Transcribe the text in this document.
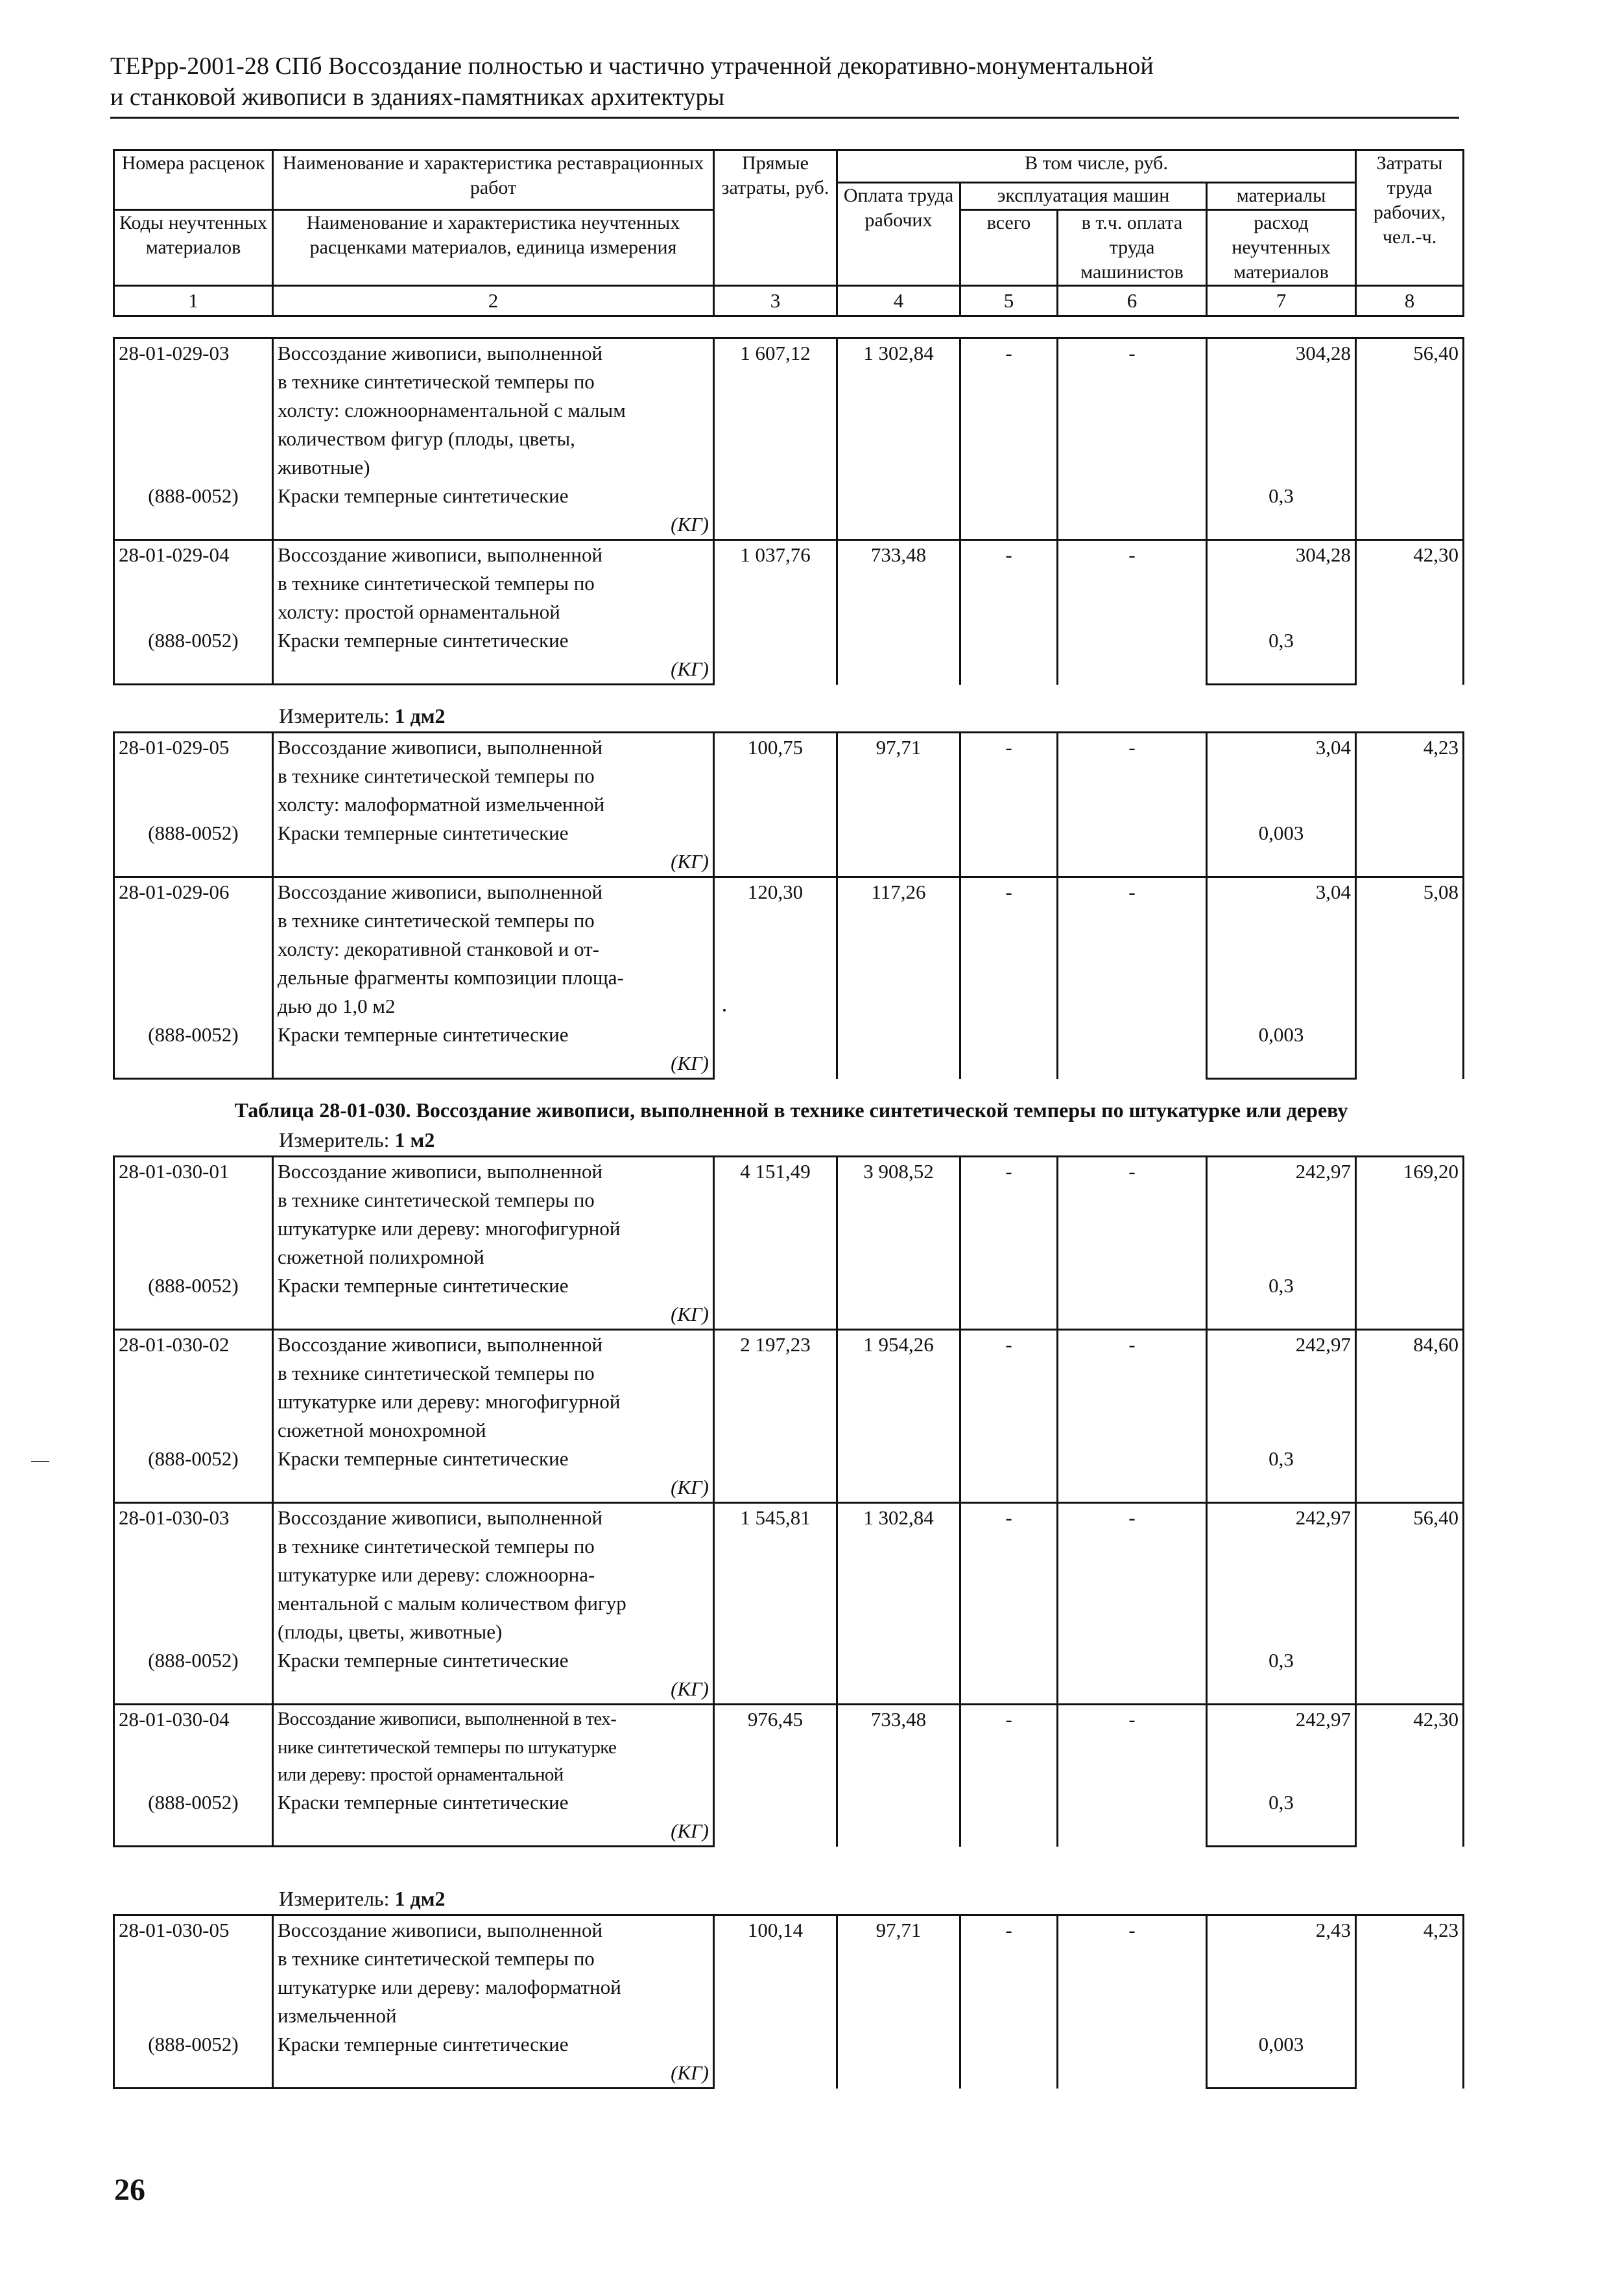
ТЕРрр-2001-28 СПб Воссоздание полностью и частично утраченной декоративно-монументальной
и станковой живописи в зданиях-памятниках архитектуры
Номера расценок	Наименование и характеристика реставрационных работ	Прямые затраты, руб.	В том числе, руб.				Затраты труда рабочих, чел.-ч.
			Оплата труда рабочих	эксплуатация машин		материалы	
Коды неучтенных материалов	Наименование и характеристика неучтенных расценками материалов, единица измерения			всего	в т.ч. оплата труда машинистов	расход неучтенных материалов	

1	2	3	4	5	6	7	8
28-01-029-03	Воссоздание живописи, выполненной	1 607,12	1 302,84	-	-	304,28	56,40
	в технике синтетической темперы по						
	холсту: сложноорнаментальной с малым						
	количеством фигур (плоды, цветы,						
	животные)						
(888-0052)	Краски темперные синтетические					0,3	
	(КГ)						
28-01-029-04	Воссоздание живописи, выполненной	1 037,76	733,48	-	-	304,28	42,30
	в технике синтетической темперы по						
	холсту: простой орнаментальной						
(888-0052)	Краски темперные синтетические					0,3	
	(КГ)						
Измеритель: 1 дм2
28-01-029-05	Воссоздание живописи, выполненной	100,75	97,71	-	-	3,04	4,23
	в технике синтетической темперы по						
	холсту: малоформатной измельченной						
(888-0052)	Краски темперные синтетические					0,003	
	(КГ)						
28-01-029-06	Воссоздание живописи, выполненной	120,30	117,26	-	-	3,04	5,08
	в технике синтетической темперы по						
	холсту: декоративной станковой и от-						
	дельные фрагменты композиции площа-						
	дью до 1,0 м2						
(888-0052)	Краски темперные синтетические					0,003	
	(КГ)						
Таблица 28-01-030. Воссоздание живописи, выполненной в технике синтетической темперы по штукатурке или дереву
Измеритель: 1 м2
28-01-030-01	Воссоздание живописи, выполненной	4 151,49	3 908,52	-	-	242,97	169,20
	в технике синтетической темперы по						
	штукатурке или дереву: многофигурной						
	сюжетной полихромной						
(888-0052)	Краски темперные синтетические					0,3	
	(КГ)						
28-01-030-02	Воссоздание живописи, выполненной	2 197,23	1 954,26	-	-	242,97	84,60
	в технике синтетической темперы по						
	штукатурке или дереву: многофигурной						
	сюжетной монохромной						
(888-0052)	Краски темперные синтетические					0,3	
	(КГ)						
28-01-030-03	Воссоздание живописи, выполненной	1 545,81	1 302,84	-	-	242,97	56,40
	в технике синтетической темперы по						
	штукатурке или дереву: сложноорна-						
	ментальной с малым количеством фигур						
	(плоды, цветы, животные)						
(888-0052)	Краски темперные синтетические					0,3	
	(КГ)						
28-01-030-04	Воссоздание живописи, выполненной в тех-	976,45	733,48	-	-	242,97	42,30
	нике синтетической темперы по штукатурке						
	или дереву: простой орнаментальной						
(888-0052)	Краски темперные синтетические					0,3	
	(КГ)						
Измеритель: 1 дм2
28-01-030-05	Воссоздание живописи, выполненной	100,14	97,71	-	-	2,43	4,23
	в технике синтетической темперы по						
	штукатурке или дереву: малоформатной						
	измельченной						
(888-0052)	Краски темперные синтетические					0,003	
	(КГ)						
26
